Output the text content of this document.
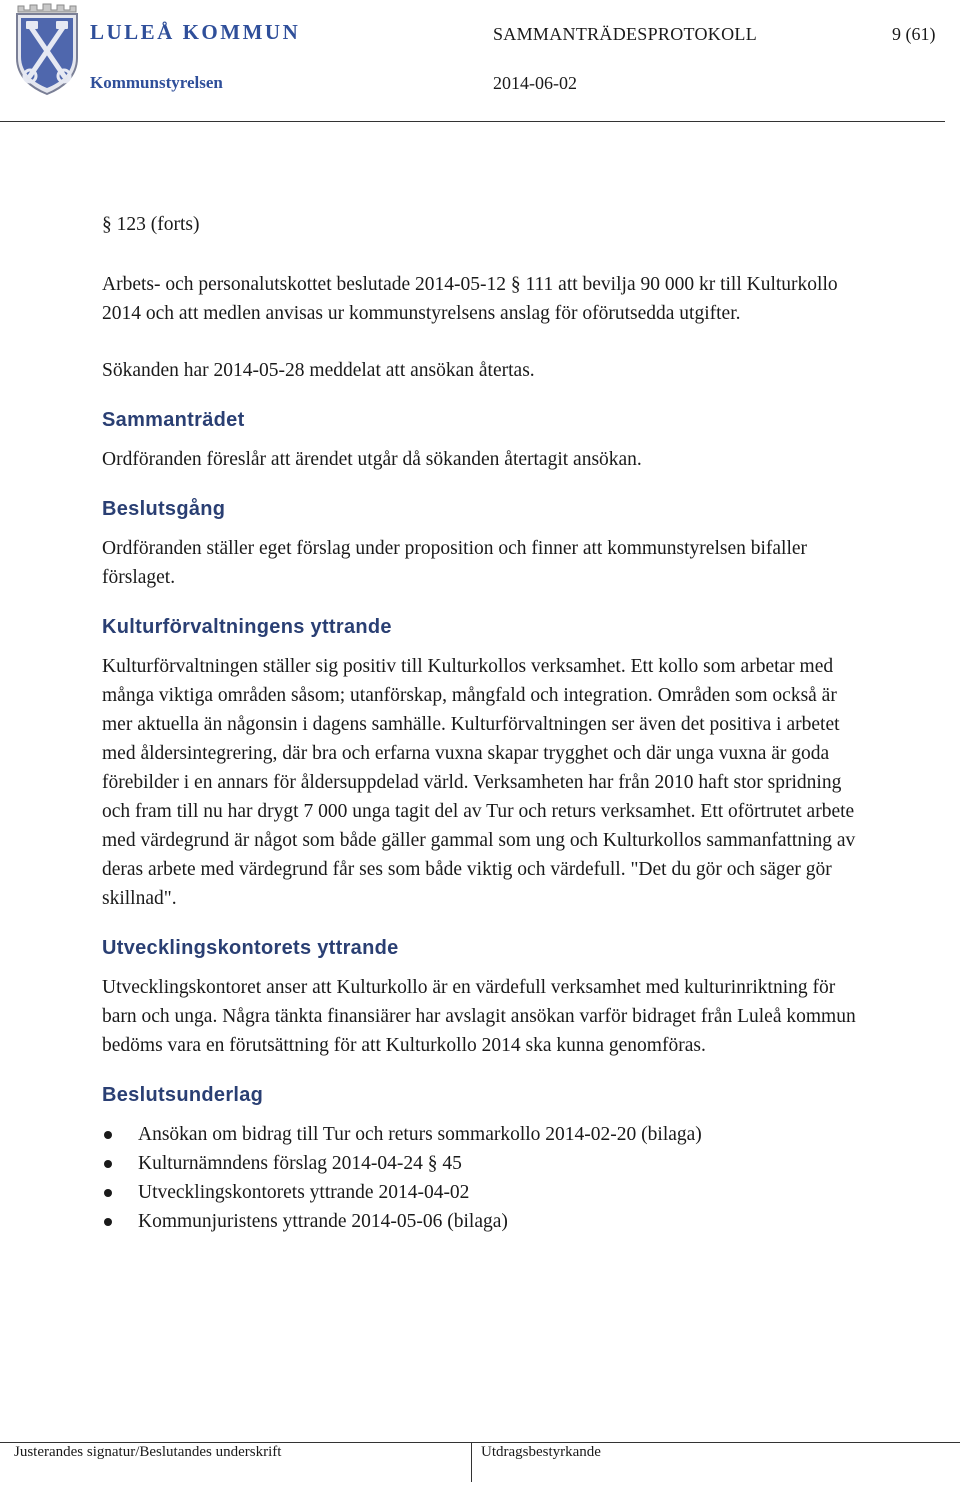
LULEÅ KOMMUN
Kommunstyrelsen
SAMMANTRÄDESPROTOKOLL	9 (61)
2014-06-02

§ 123 (forts)

Arbets- och personalutskottet beslutade 2014-05-12 § 111 att bevilja 90 000 kr till Kulturkollo 2014 och att medlen anvisas ur kommunstyrelsens anslag för oförutsedda utgifter.

Sökanden har 2014-05-28 meddelat att ansökan återtas.

Sammanträdet

Ordföranden föreslår att ärendet utgår då sökanden återtagit ansökan.

Beslutsgång

Ordföranden ställer eget förslag under proposition och finner att kommunstyrelsen bifaller förslaget.

Kulturförvaltningens yttrande

Kulturförvaltningen ställer sig positiv till Kulturkollos verksamhet. Ett kollo som arbetar med många viktiga områden såsom; utanförskap, mångfald och integration. Områden som också är mer aktuella än någonsin i dagens samhälle. Kulturförvaltningen ser även det positiva i arbetet med åldersintegrering, där bra och erfarna vuxna skapar trygghet och där unga vuxna är goda förebilder i en annars för åldersuppdelad värld. Verksamheten har från 2010 haft stor spridning och fram till nu har drygt 7 000 unga tagit del av Tur och returs verksamhet. Ett oförtrutet arbete med värdegrund är något som både gäller gammal som ung och Kulturkollos sammanfattning av deras arbete med värdegrund får ses som både viktig och värdefull. "Det du gör och säger gör skillnad".

Utvecklingskontorets yttrande

Utvecklingskontoret anser att Kulturkollo är en värdefull verksamhet med kulturinriktning för barn och unga. Några tänkta finansiärer har avslagit ansökan varför bidraget från Luleå kommun bedöms vara en förutsättning för att Kulturkollo 2014 ska kunna genomföras.

Beslutsunderlag
Ansökan om bidrag till Tur och returs sommarkollo 2014-02-20 (bilaga)
Kulturnämndens förslag 2014-04-24 § 45
Utvecklingskontorets yttrande 2014-04-02
Kommunjuristens yttrande 2014-05-06 (bilaga)
Justerandes signatur/Beslutandes underskrift	Utdragsbestyrkande
